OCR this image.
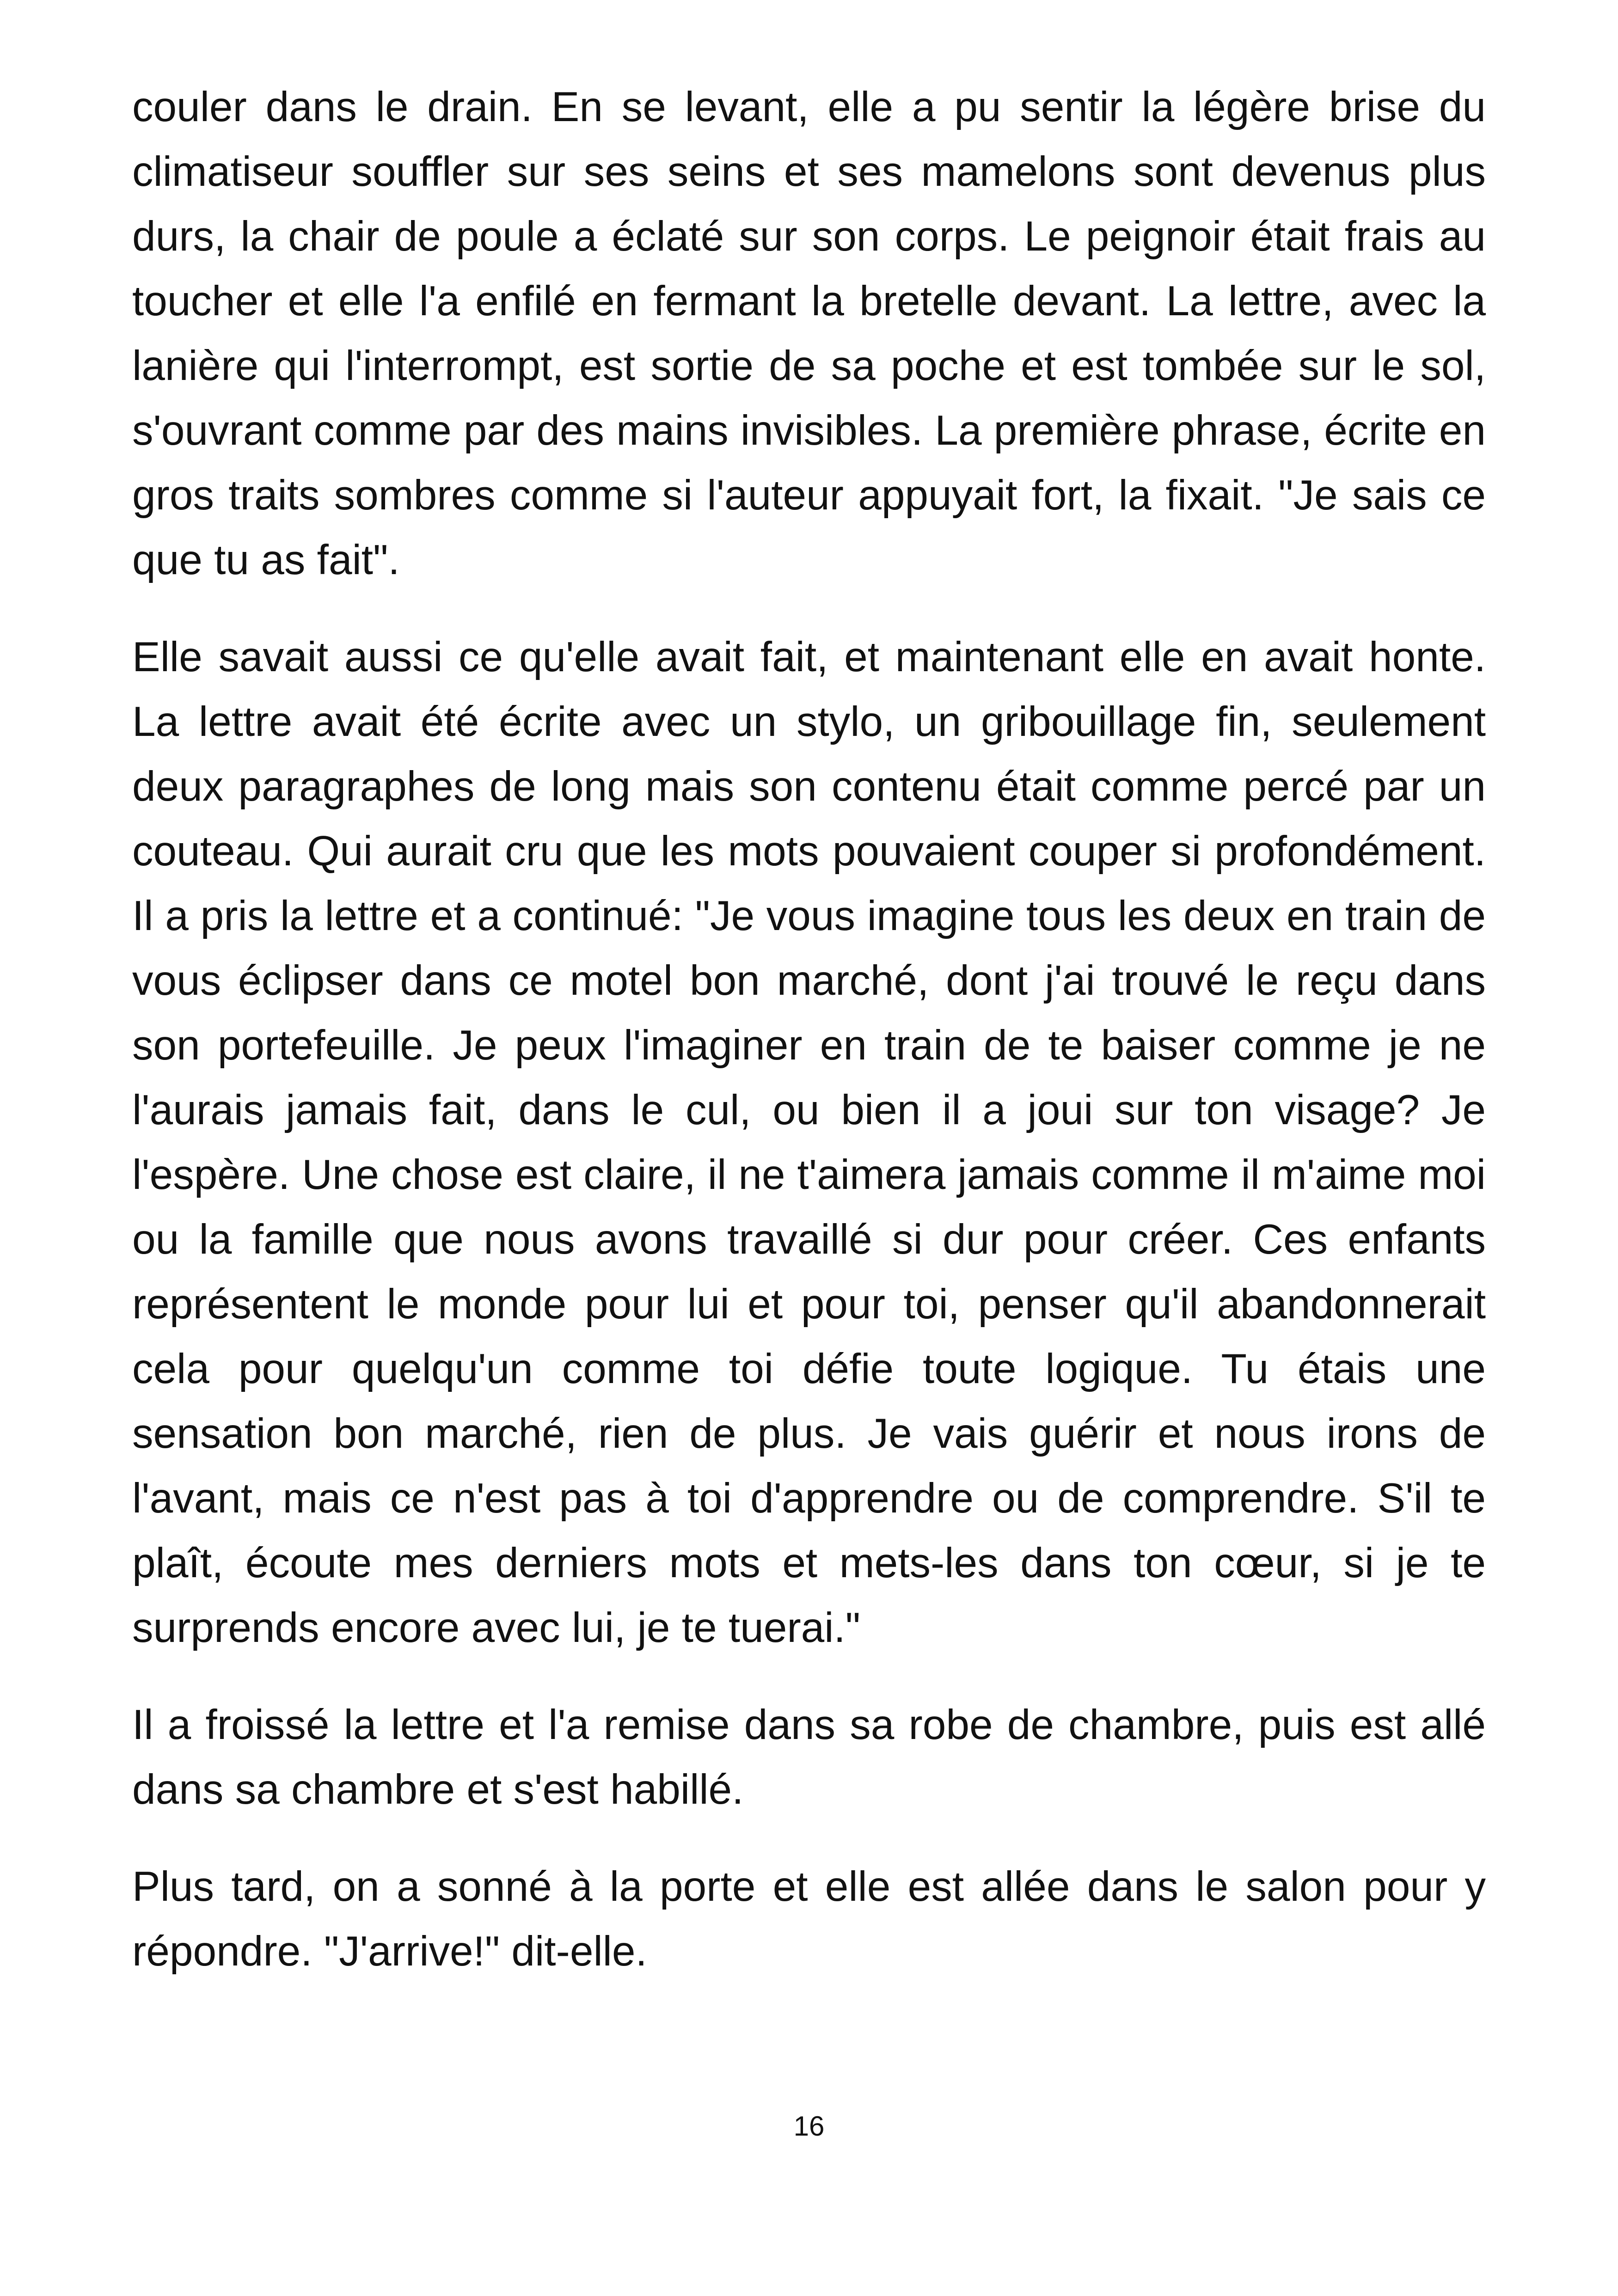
couler dans le drain. En se levant, elle a pu sentir la légère brise du climatiseur souffler sur ses seins et ses mamelons sont devenus plus durs, la chair de poule a éclaté sur son corps. Le peignoir était frais au toucher et elle l'a enfilé en fermant la bretelle devant. La lettre, avec la lanière qui l'interrompt, est sortie de sa poche et est tombée sur le sol, s'ouvrant comme par des mains invisibles. La première phrase, écrite en gros traits sombres comme si l'auteur appuyait fort, la fixait. "Je sais ce que tu as fait".

Elle savait aussi ce qu'elle avait fait, et maintenant elle en avait honte. La lettre avait été écrite avec un stylo, un gribouillage fin, seulement deux paragraphes de long mais son contenu était comme percé par un couteau. Qui aurait cru que les mots pouvaient couper si profondément. Il a pris la lettre et a continué: "Je vous imagine tous les deux en train de vous éclipser dans ce motel bon marché, dont j'ai trouvé le reçu dans son portefeuille. Je peux l'imaginer en train de te baiser comme je ne l'aurais jamais fait, dans le cul, ou bien il a joui sur ton visage? Je l'espère. Une chose est claire, il ne t'aimera jamais comme il m'aime moi ou la famille que nous avons travaillé si dur pour créer. Ces enfants représentent le monde pour lui et pour toi, penser qu'il abandonnerait cela pour quelqu'un comme toi défie toute logique. Tu étais une sensation bon marché, rien de plus. Je vais guérir et nous irons de l'avant, mais ce n'est pas à toi d'apprendre ou de comprendre. S'il te plaît, écoute mes derniers mots et mets-les dans ton cœur, si je te surprends encore avec lui, je te tuerai."

Il a froissé la lettre et l'a remise dans sa robe de chambre, puis est allé dans sa chambre et s'est habillé.

Plus tard, on a sonné à la porte et elle est allée dans le salon pour y répondre. "J'arrive!" dit-elle.

16
